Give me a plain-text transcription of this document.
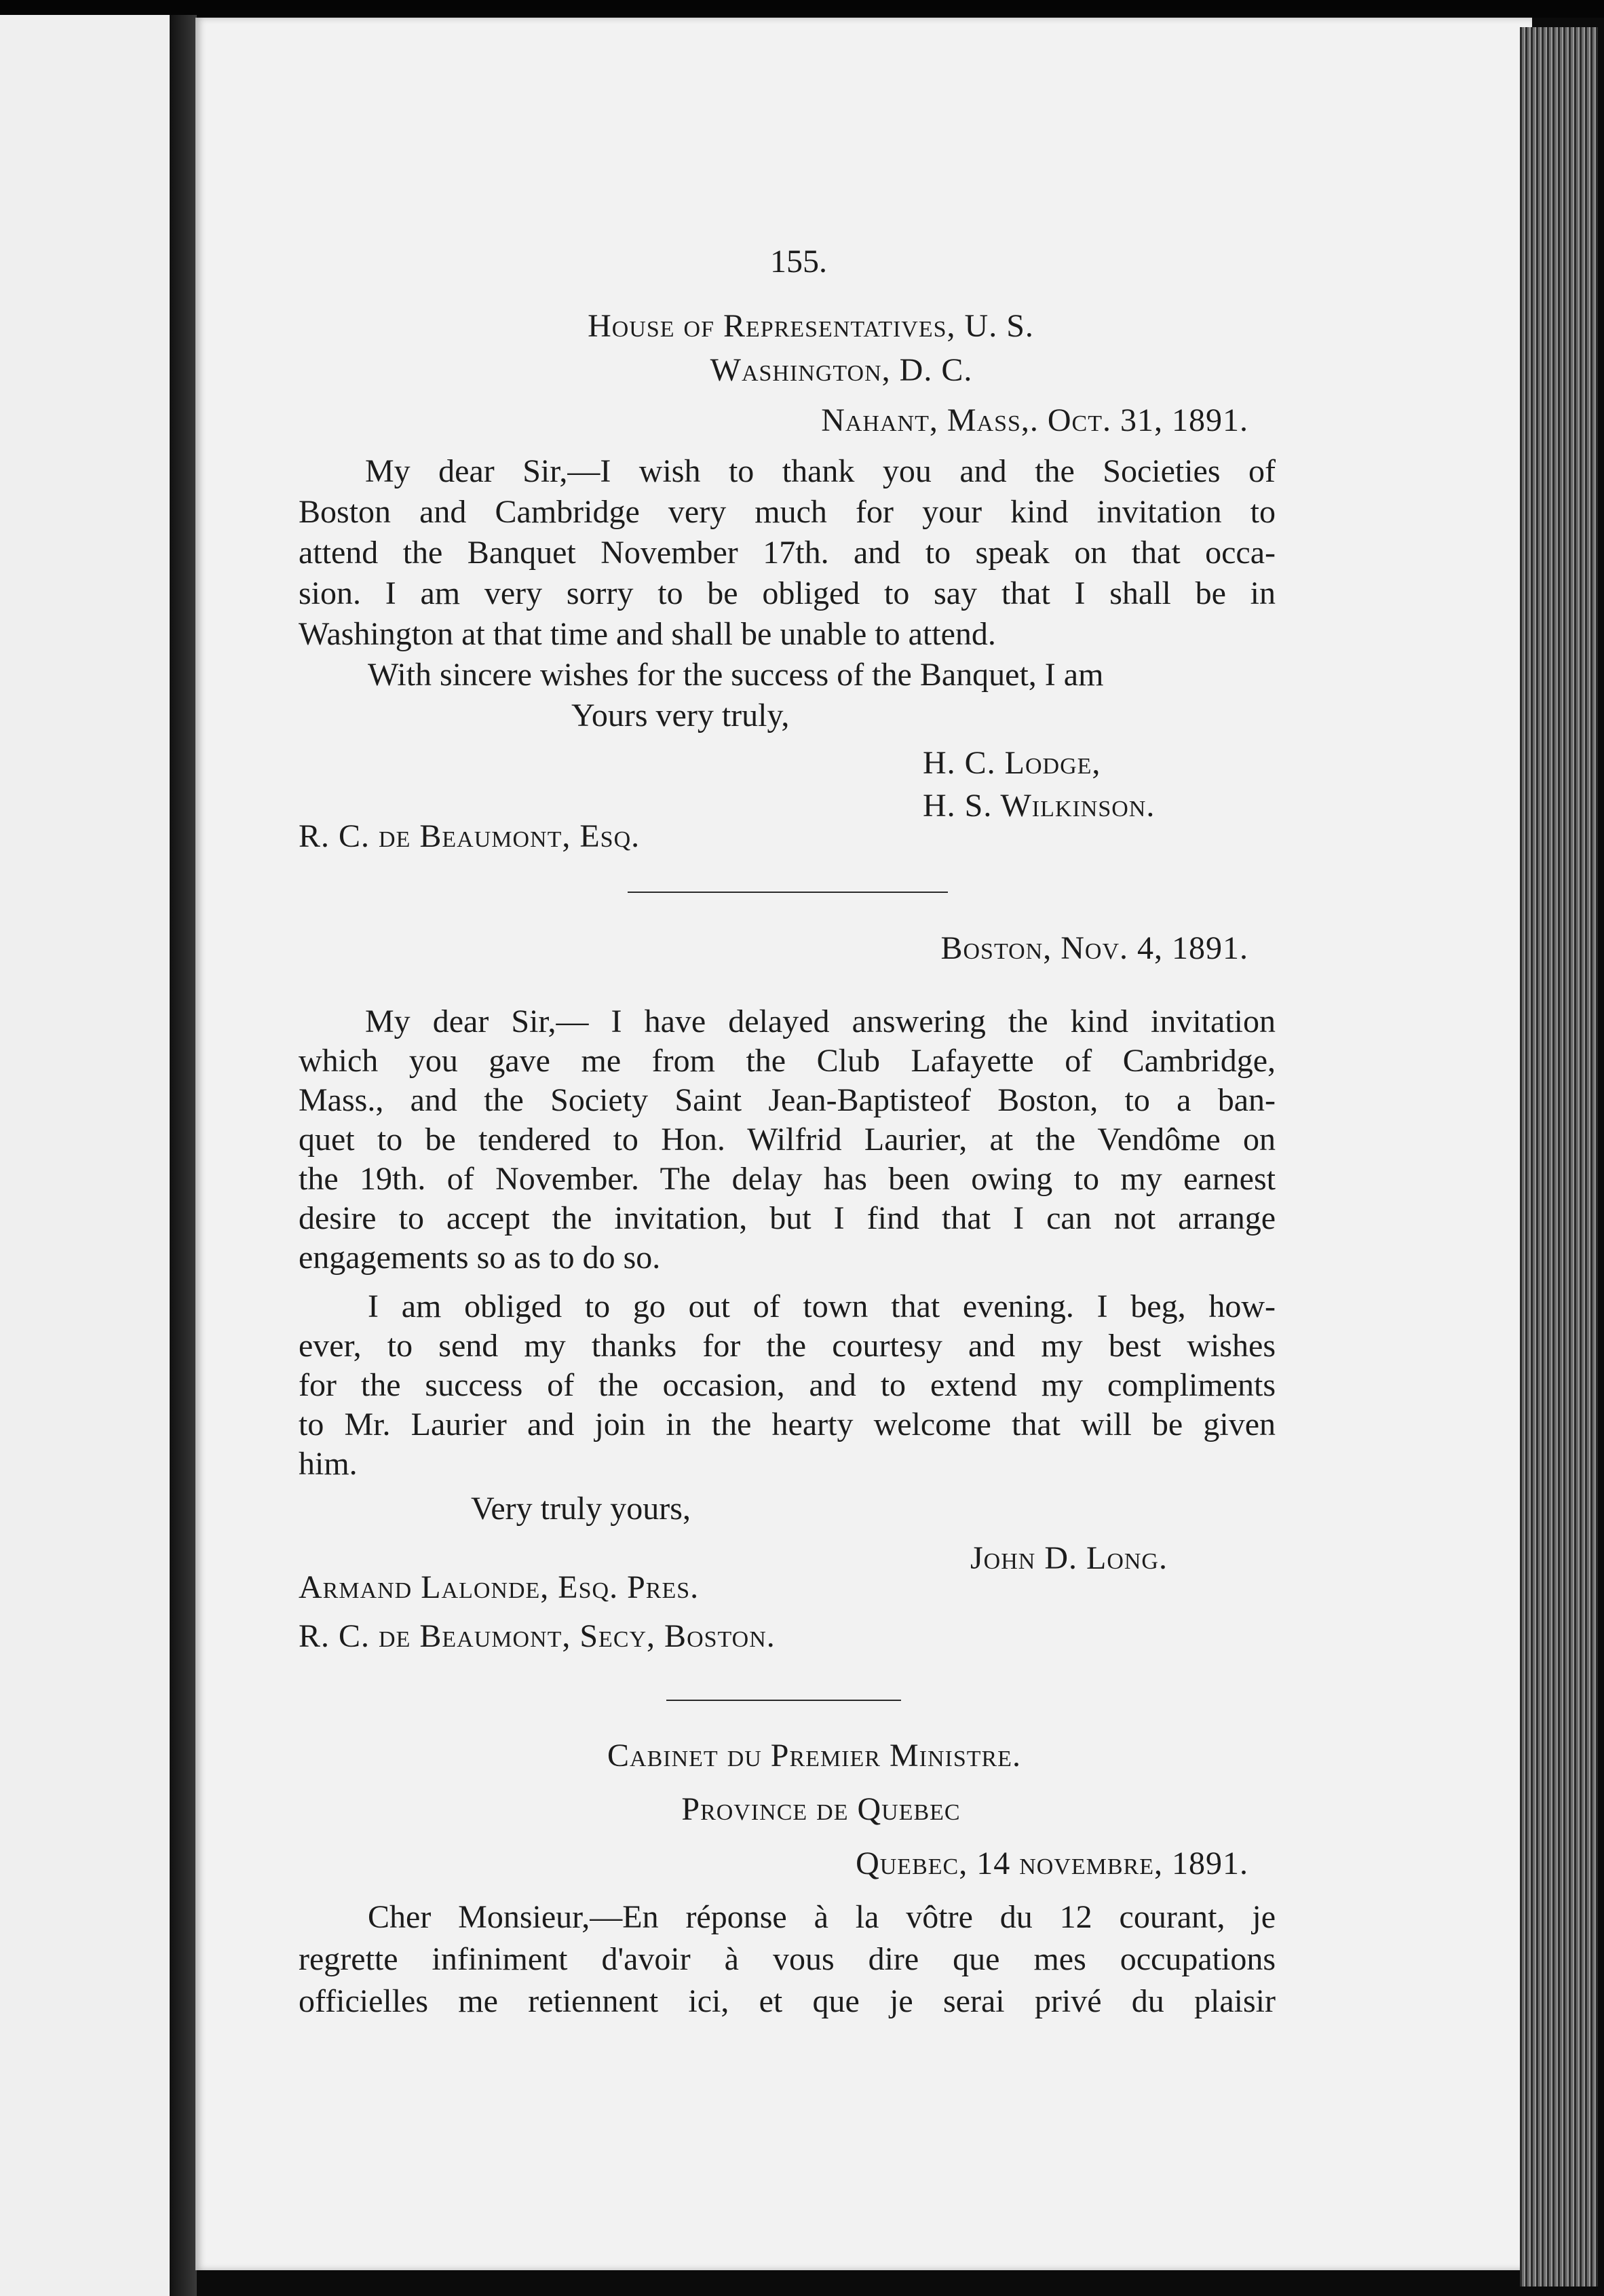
155.
House of Representatives, U. S.
Washington, D. C.
Nahant, Mass,. Oct. 31, 1891.
My dear Sir,—I wish to thank you and the Societies of
Boston and Cambridge very much for your kind invitation to
attend the Banquet November 17th. and to speak on that occa-
sion. I am very sorry to be obliged to say that I shall be in
Washington at that time and shall be unable to attend.
With sincere wishes for the success of the Banquet, I am
Yours very truly,
H. C. Lodge,
H. S. Wilkinson.
R. C. de Beaumont, Esq.
Boston, Nov. 4, 1891.
My dear Sir,— I have delayed answering the kind invitation
which you gave me from the Club Lafayette of Cambridge,
Mass., and the Society Saint Jean-Baptisteof Boston, to a ban-
quet to be tendered to Hon. Wilfrid Laurier, at the Vendôme on
the 19th. of November. The delay has been owing to my earnest
desire to accept the invitation, but I find that I can not arrange
engagements so as to do so.
I am obliged to go out of town that evening. I beg, how-
ever, to send my thanks for the courtesy and my best wishes
for the success of the occasion, and to extend my compliments
to Mr. Laurier and join in the hearty welcome that will be given
him.
Very truly yours,
John D. Long.
Armand Lalonde, Esq. Pres.
R. C. de Beaumont, Secy, Boston.
Cabinet du Premier Ministre.
Province de Quebec
Quebec, 14 novembre, 1891.
Cher Monsieur,—En réponse à la vôtre du 12 courant, je
regrette infiniment d'avoir à vous dire que mes occupations
officielles me retiennent ici, et que je serai privé du plaisir
